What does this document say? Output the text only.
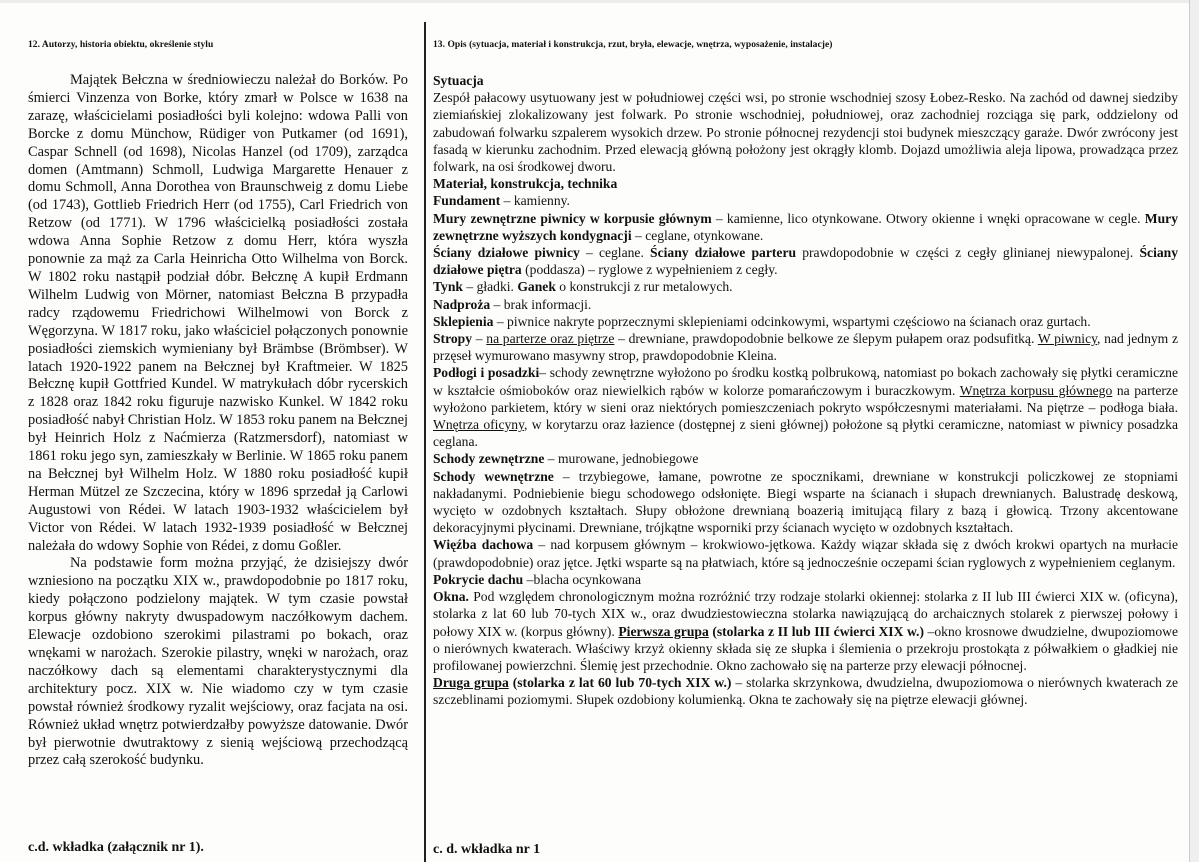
12. Autorzy, historia obiektu, określenie stylu

Majątek Bełczna w średniowieczu należał do Borków. Po śmierci Vinzenza von Borke, który zmarł w Polsce w 1638 na zarazę, właścicielami posiadłości byli kolejno: wdowa Palli von Borcke z domu Münchow, Rüdiger von Putkamer (od 1691), Caspar Schnell (od 1698), Nicolas Hanzel (od 1709), zarządca domen (Amtmann) Schmoll, Ludwiga Margarette Henauer z domu Schmoll, Anna Dorothea von Braunschweig z domu Liebe (od 1743), Gottlieb Friedrich Herr (od 1755), Carl Friedrich von Retzow (od 1771). W 1796 właścicielką posiadłości została wdowa Anna Sophie Retzow z domu Herr, która wyszła ponownie za mąż za Carla Heinricha Otto Wilhelma von Borck. W 1802 roku nastąpił podział dóbr. Bełcznę A kupił Erdmann Wilhelm Ludwig von Mörner, natomiast Bełczna B przypadła radcy rządowemu Friedrichowi Wilhelmowi von Borck z Węgorzyna. W 1817 roku, jako właściciel połączonych ponownie posiadłości ziemskich wymieniany był Brämbse (Brömbser). W latach 1920-1922 panem na Bełcznej był Kraftmeier. W 1825 Bełcznę kupił Gottfried Kundel. W matrykułach dóbr rycerskich z 1828 oraz 1842 roku figuruje nazwisko Kunkel. W 1842 roku posiadłość nabył Christian Holz. W 1853 roku panem na Bełcznej był Heinrich Holz z Naćmierza (Ratzmersdorf), natomiast w 1861 roku jego syn, zamieszkały w Berlinie. W 1865 roku panem na Bełcznej był Wilhelm Holz. W 1880 roku posiadłość kupił Herman Mützel ze Szczecina, który w 1896 sprzedał ją Carlowi Augustowi von Rédei. W latach 1903-1932 właścicielem był Victor von Rédei. W latach 1932-1939 posiadłość w Bełcznej należała do wdowy Sophie von Rédei, z domu Goßler.

Na podstawie form można przyjąć, że dzisiejszy dwór wzniesiono na początku XIX w., prawdopodobnie po 1817 roku, kiedy połączono podzielony majątek. W tym czasie powstał korpus główny nakryty dwuspadowym naczółkowym dachem. Elewacje ozdobiono szerokimi pilastrami po bokach, oraz wnękami w narożach. Szerokie pilastry, wnęki w narożach, oraz naczółkowy dach są elementami charakterystycznymi dla architektury pocz. XIX w. Nie wiadomo czy w tym czasie powstał również środkowy ryzalit wejściowy, oraz facjata na osi. Również układ wnętrz potwierdzałby powyższe datowanie. Dwór był pierwotnie dwutraktowy z sienią wejściową przechodzącą przez całą szerokość budynku.

c.d. wkładka (załącznik nr 1).

13. Opis (sytuacja, materiał i konstrukcja, rzut, bryła, elewacje, wnętrza, wyposażenie, instalacje)

Sytuacja

Zespół pałacowy usytuowany jest w południowej części wsi, po stronie wschodniej szosy Łobez-Resko. Na zachód od dawnej siedziby ziemiańskiej zlokalizowany jest folwark. Po stronie wschodniej, południowej, oraz zachodniej rozciąga się park, oddzielony od zabudowań folwarku szpalerem wysokich drzew. Po stronie północnej rezydencji stoi budynek mieszczący garaże. Dwór zwrócony jest fasadą w kierunku zachodnim. Przed elewacją główną położony jest okrągły klomb. Dojazd umożliwia aleja lipowa, prowadząca przez folwark, na osi środkowej dworu.

Materiał, konstrukcja, technika

Fundament – kamienny.

Mury zewnętrzne piwnicy w korpusie głównym – kamienne, lico otynkowane. Otwory okienne i wnęki opracowane w cegle. Mury zewnętrzne wyższych kondygnacji – ceglane, otynkowane.

Ściany działowe piwnicy – ceglane. Ściany działowe parteru prawdopodobnie w części z cegły glinianej niewypalonej. Ściany działowe piętra (poddasza) – ryglowe z wypełnieniem z cegły.

Tynk – gładki. Ganek o konstrukcji z rur metalowych.

Nadproża – brak informacji.

Sklepienia – piwnice nakryte poprzecznymi sklepieniami odcinkowymi, wspartymi częściowo na ścianach oraz gurtach.

Stropy – na parterze oraz piętrze – drewniane, prawdopodobnie belkowe ze ślepym pułapem oraz podsufitką. W piwnicy, nad jednym z przęseł wymurowano masywny strop, prawdopodobnie Kleina.

Podłogi i posadzki– schody zewnętrzne wyłożono po środku kostką polbrukową, natomiast po bokach zachowały się płytki ceramiczne w kształcie ośmioboków oraz niewielkich rąbów w kolorze pomarańczowym i buraczkowym. Wnętrza korpusu głównego na parterze wyłożono parkietem, który w sieni oraz niektórych pomieszczeniach pokryto współczesnymi materiałami. Na piętrze – podłoga biała. Wnętrza oficyny, w korytarzu oraz łazience (dostępnej z sieni głównej) położone są płytki ceramiczne, natomiast w piwnicy posadzka ceglana.

Schody zewnętrzne – murowane, jednobiegowe

Schody wewnętrzne – trzybiegowe, łamane, powrotne ze spocznikami, drewniane w konstrukcji policzkowej ze stopniami nakładanymi. Podniebienie biegu schodowego odsłonięte. Biegi wsparte na ścianach i słupach drewnianych. Balustradę deskową, wycięto w ozdobnych kształtach. Słupy obłożone drewnianą boazerią imitującą filary z bazą i głowicą. Trzony akcentowane dekoracyjnymi płycinami. Drewniane, trójkątne wsporniki przy ścianach wycięto w ozdobnych kształtach.

Więźba dachowa – nad korpusem głównym – krokwiowo-jętkowa. Każdy wiązar składa się z dwóch krokwi opartych na murłacie (prawdopodobnie) oraz jętce. Jętki wsparte są na płatwiach, które są jednocześnie oczepami ścian ryglowych z wypełnieniem ceglanym.

Pokrycie dachu –blacha ocynkowana

Okna. Pod względem chronologicznym można rozróżnić trzy rodzaje stolarki okiennej: stolarka z II lub III ćwierci XIX w. (oficyna), stolarka z lat 60 lub 70-tych XIX w., oraz dwudziestowieczna stolarka nawiązującą do archaicznych stolarek z pierwszej połowy i połowy XIX w. (korpus główny). Pierwsza grupa (stolarka z II lub III ćwierci XIX w.) –okno krosnowe dwudzielne, dwupoziomowe o nierównych kwaterach. Właściwy krzyż okienny składa się ze słupka i ślemienia o przekroju prostokąta z półwałkiem o gładkiej nie profilowanej powierzchni. Ślemię jest przechodnie. Okno zachowało się na parterze przy elewacji północnej.

Druga grupa (stolarka z lat 60 lub 70-tych XIX w.) – stolarka skrzynkowa, dwudzielna, dwupoziomowa o nierównych kwaterach ze szczeblinami poziomymi. Słupek ozdobiony kolumienką. Okna te zachowały się na piętrze elewacji głównej.

c. d. wkładka nr 1
